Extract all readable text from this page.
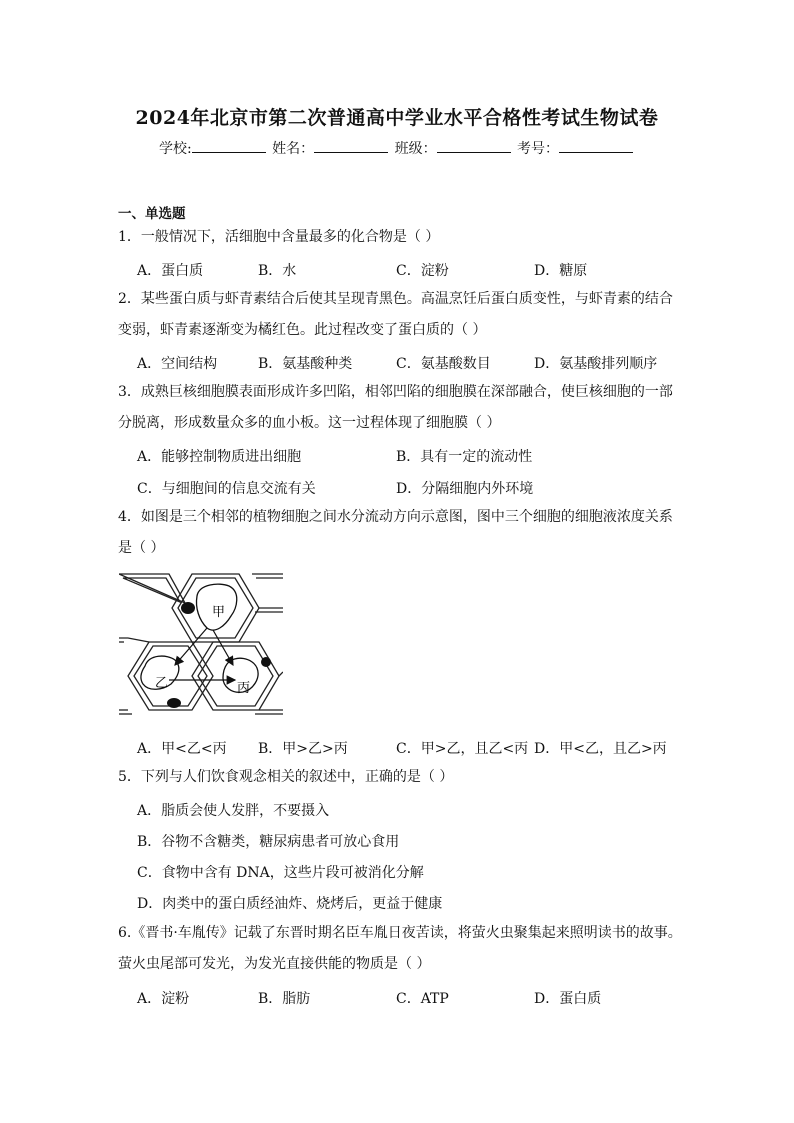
2024年北京市第二次普通高中学业水平合格性考试生物试卷
学校:	姓名：	班级：	考号：
一、单选题
1．一般情况下，活细胞中含量最多的化合物是（ ）
A．蛋白质	B．水	C．淀粉	D．糖原
2．某些蛋白质与虾青素结合后使其呈现青黑色。高温烹饪后蛋白质变性，与虾青素的结合
变弱，虾青素逐渐变为橘红色。此过程改变了蛋白质的（ ）
A．空间结构	B．氨基酸种类	C．氨基酸数目	D．氨基酸排列顺序
3．成熟巨核细胞膜表面形成许多凹陷，相邻凹陷的细胞膜在深部融合，使巨核细胞的一部
分脱离，形成数量众多的血小板。这一过程体现了细胞膜（ ）
A．能够控制物质进出细胞	B．具有一定的流动性
C．与细胞间的信息交流有关	D．分隔细胞内外环境
4．如图是三个相邻的植物细胞之间水分流动方向示意图，图中三个细胞的细胞液浓度关系
是（ ）
甲
乙	丙
A．甲<乙<丙 B．甲>乙>丙	C．甲>乙，且乙<丙 D．甲<乙，且乙>丙
5．下列与人们饮食观念相关的叙述中，正确的是（ ）
A．脂质会使人发胖，不要摄入
B．谷物不含糖类，糖尿病患者可放心食用
C．食物中含有 DNA，这些片段可被消化分解
D．肉类中的蛋白质经油炸、烧烤后，更益于健康
6.《晋书·车胤传》记载了东晋时期名臣车胤日夜苦读，将萤火虫聚集起来照明读书的故事。
萤火虫尾部可发光，为发光直接供能的物质是（ ）
A．淀粉	B．脂肪	C．ATP	D．蛋白质
